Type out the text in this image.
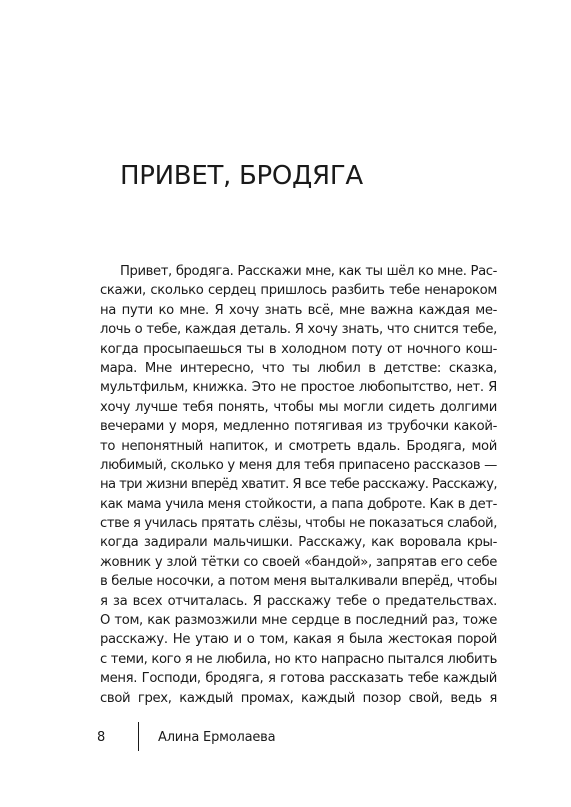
ПРИВЕТ, БРОДЯГА
Привет, бродяга. Расскажи мне, как ты шёл ко мне. Рас-
скажи, сколько сердец пришлось разбить тебе ненароком
на пути ко мне. Я хочу знать всё, мне важна каждая ме-
лочь о тебе, каждая деталь. Я хочу знать, что снится тебе,
когда просыпаешься ты в холодном поту от ночного кош-
мара. Мне интересно, что ты любил в детстве: сказка,
мультфильм, книжка. Это не простое любопытство, нет. Я
хочу лучше тебя понять, чтобы мы могли сидеть долгими
вечерами у моря, медленно потягивая из трубочки какой-
то непонятный напиток, и смотреть вдаль. Бродяга, мой
любимый, сколько у меня для тебя припасено рассказов —
на три жизни вперёд хватит. Я все тебе расскажу. Расскажу,
как мама учила меня стойкости, а папа доброте. Как в дет-
стве я училась прятать слёзы, чтобы не показаться слабой,
когда задирали мальчишки. Расскажу, как воровала кры-
жовник у злой тётки со своей «бандой», запрятав его себе
в белые носочки, а потом меня выталкивали вперёд, чтобы
я за всех отчиталась. Я расскажу тебе о предательствах.
О том, как размозжили мне сердце в последний раз, тоже
расскажу. Не утаю и о том, какая я была жестокая порой
с теми, кого я не любила, но кто напрасно пытался любить
меня. Господи, бродяга, я готова рассказать тебе каждый
свой грех, каждый промах, каждый позор свой, ведь я
8	Алина Ермолаева
